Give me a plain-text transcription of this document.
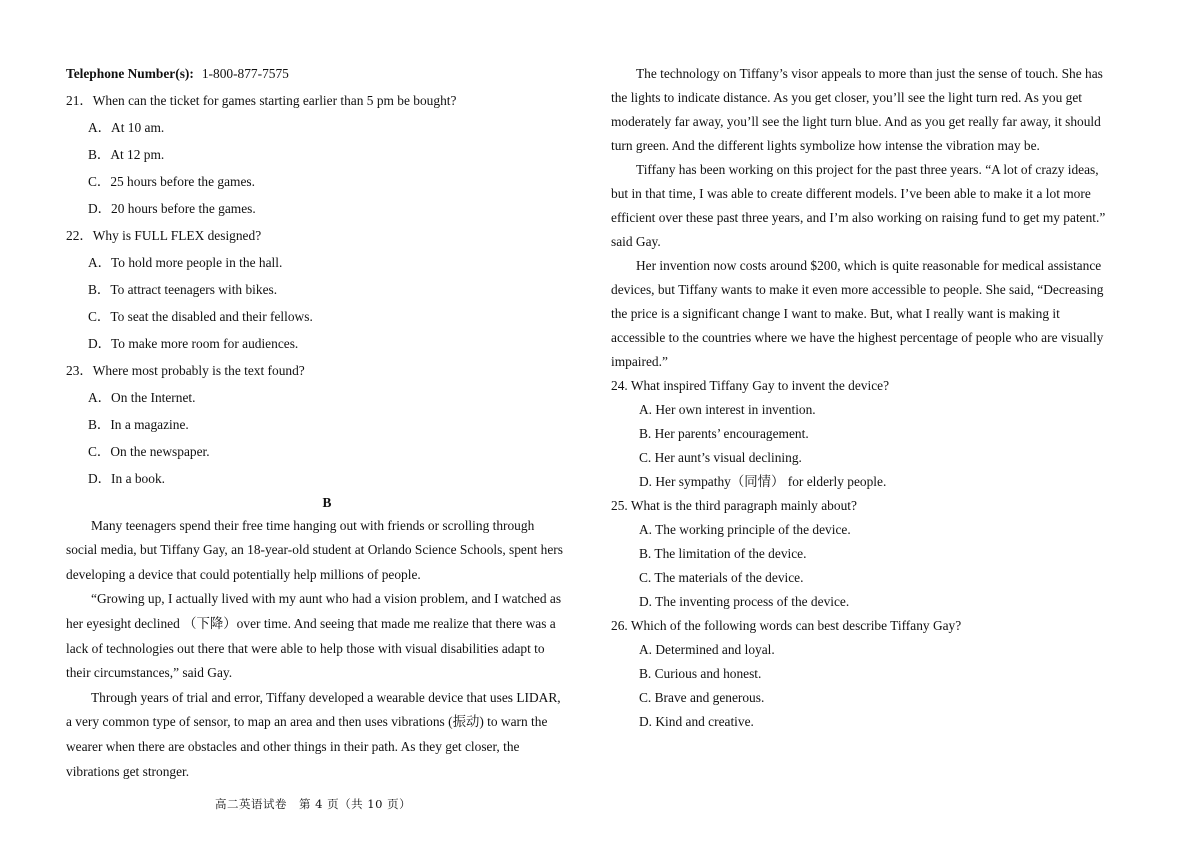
Telephone Number(s): 1-800-877-7575
21．When can the ticket for games starting earlier than 5 pm be bought?
A．At 10 am.
B．At 12 pm.
C．25 hours before the games.
D．20 hours before the games.
22．Why is FULL FLEX designed?
A．To hold more people in the hall.
B．To attract teenagers with bikes.
C．To seat the disabled and their fellows.
D．To make more room for audiences.
23．Where most probably is the text found?
A．On the Internet.
B．In a magazine.
C．On the newspaper.
D．In a book.
B
Many teenagers spend their free time hanging out with friends or scrolling through
social media, but Tiffany Gay, an 18-year-old student at Orlando Science Schools, spent hers
developing a device that could potentially help millions of people.
“Growing up, I actually lived with my aunt who had a vision problem, and I watched as
her eyesight declined （下降）over time. And seeing that made me realize that there was a
lack of technologies out there that were able to help those with visual disabilities adapt to
their circumstances,” said Gay.
Through years of trial and error, Tiffany developed a wearable device that uses LIDAR,
a very common type of sensor, to map an area and then uses vibrations (振动) to warn the
wearer when there are obstacles and other things in their path. As they get closer, the
vibrations get stronger.
The technology on Tiffany’s visor appeals to more than just the sense of touch. She has
the lights to indicate distance. As you get closer, you’ll see the light turn red. As you get
moderately far away, you’ll see the light turn blue. And as you get really far away, it should
turn green. And the different lights symbolize how intense the vibration may be.
Tiffany has been working on this project for the past three years. “A lot of crazy ideas,
but in that time, I was able to create different models. I’ve been able to make it a lot more
efficient over these past three years, and I’m also working on raising fund to get my patent.”
said Gay.
Her invention now costs around $200, which is quite reasonable for medical assistance
devices, but Tiffany wants to make it even more accessible to people. She said, “Decreasing
the price is a significant change I want to make. But, what I really want is making it
accessible to the countries where we have the highest percentage of people who are visually
impaired.”
24. What inspired Tiffany Gay to invent the device?
A. Her own interest in invention.
B. Her parents’ encouragement.
C. Her aunt’s visual declining.
D. Her sympathy（同情） for elderly people.
25. What is the third paragraph mainly about?
A. The working principle of the device.
B. The limitation of the device.
C. The materials of the device.
D. The inventing process of the device.
26. Which of the following words can best describe Tiffany Gay?
A. Determined and loyal.
B. Curious and honest.
C. Brave and generous.
D. Kind and creative.
高二英语试卷　第 4 页（共 10 页）
